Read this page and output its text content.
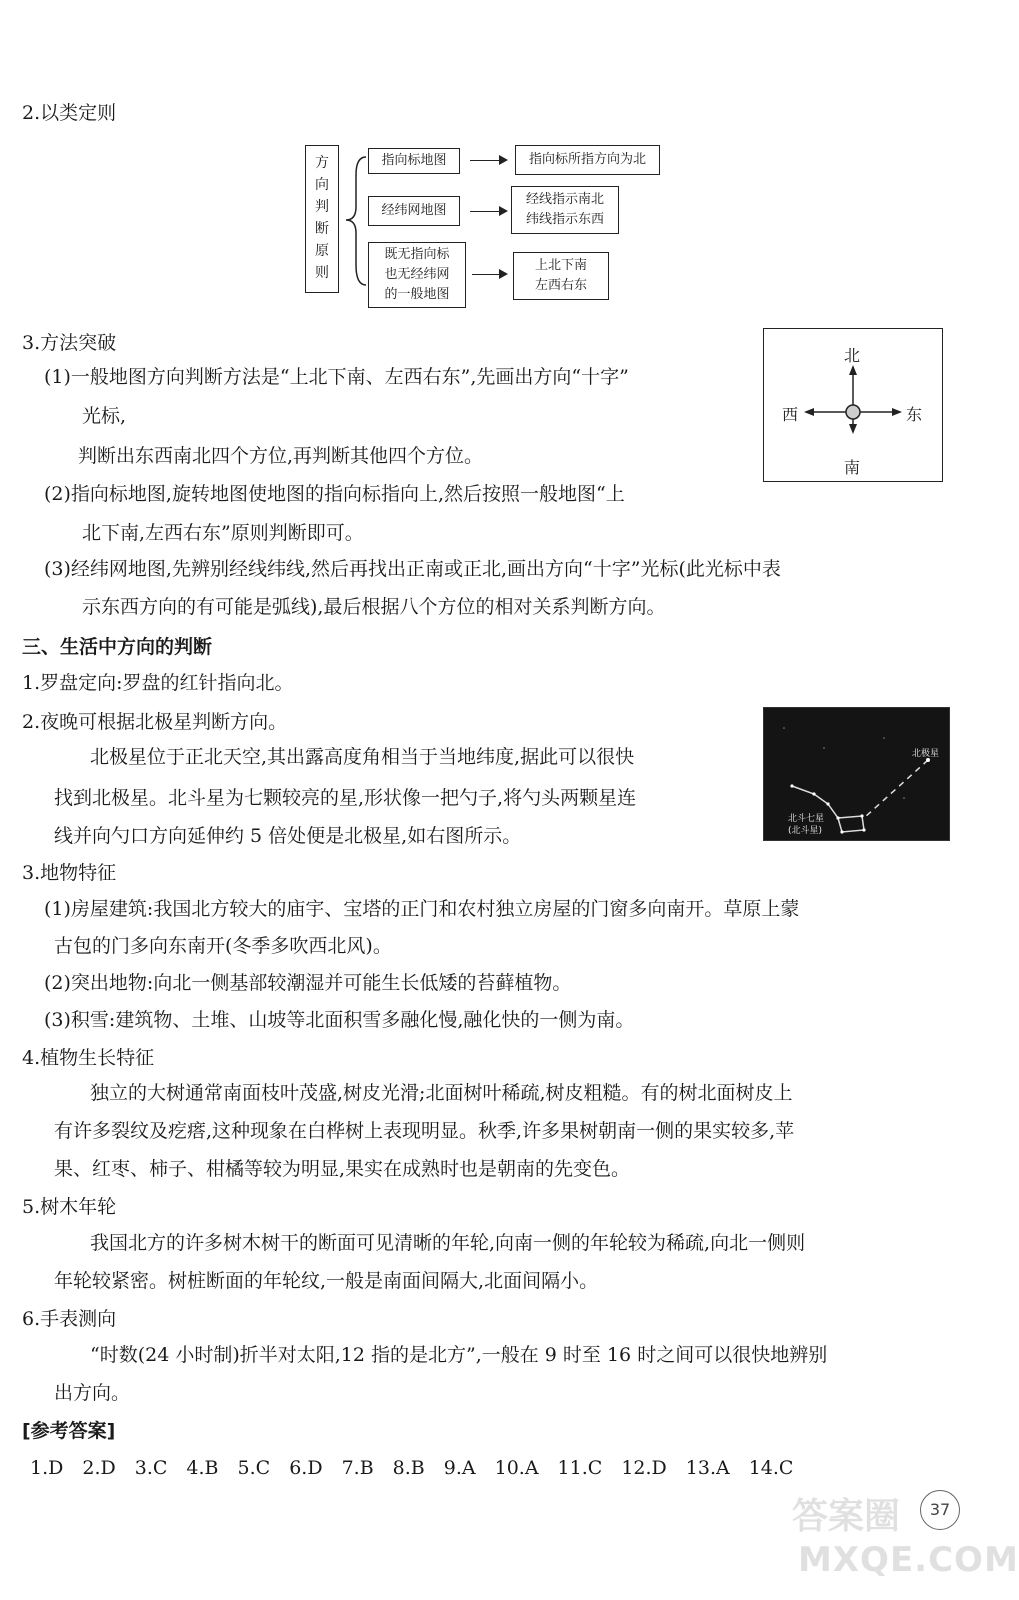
2.以类定则
方
向
判
断
原
则
指向标地图	指向标所指方向为北
经纬网地图
经线指示南北
纬线指示东西
既无指向标
也无经纬网
的一般地图
上北下南
左西右东
3.方法突破
(1)一般地图方向判断方法是“上北下南、左西右东”,先画出方向“十字”
光标,
判断出东西南北四个方位,再判断其他四个方位。
(2)指向标地图,旋转地图使地图的指向标指向上,然后按照一般地图“上
北下南,左西右东”原则判断即可。
(3)经纬网地图,先辨别经线纬线,然后再找出正南或正北,画出方向“十字”光标(此光标中表
示东西方向的有可能是弧线),最后根据八个方位的相对关系判断方向。
北
南
西	东
三、生活中方向的判断
1.罗盘定向:罗盘的红针指向北。
2.夜晚可根据北极星判断方向。
北极星位于正北天空,其出露高度角相当于当地纬度,据此可以很快
找到北极星。北斗星为七颗较亮的星,形状像一把勺子,将勺头两颗星连
线并向勺口方向延伸约 5 倍处便是北极星,如右图所示。
北极星
北斗七星
(北斗星)
3.地物特征
(1)房屋建筑:我国北方较大的庙宇、宝塔的正门和农村独立房屋的门窗多向南开。草原上蒙
古包的门多向东南开(冬季多吹西北风)。
(2)突出地物:向北一侧基部较潮湿并可能生长低矮的苔藓植物。
(3)积雪:建筑物、土堆、山坡等北面积雪多融化慢,融化快的一侧为南。
4.植物生长特征
独立的大树通常南面枝叶茂盛,树皮光滑;北面树叶稀疏,树皮粗糙。有的树北面树皮上
有许多裂纹及疙瘩,这种现象在白桦树上表现明显。秋季,许多果树朝南一侧的果实较多,苹
果、红枣、柿子、柑橘等较为明显,果实在成熟时也是朝南的先变色。
5.树木年轮
我国北方的许多树木树干的断面可见清晰的年轮,向南一侧的年轮较为稀疏,向北一侧则
年轮较紧密。树桩断面的年轮纹,一般是南面间隔大,北面间隔小。
6.手表测向
“时数(24 小时制)折半对太阳,12 指的是北方”,一般在 9 时至 16 时之间可以很快地辨别
出方向。
[参考答案]
1.D 2.D 3.C 4.B 5.C 6.D 7.B 8.B 9.A 10.A 11.C 12.D 13.A 14.C
37
答案圈
MXQE.COM
